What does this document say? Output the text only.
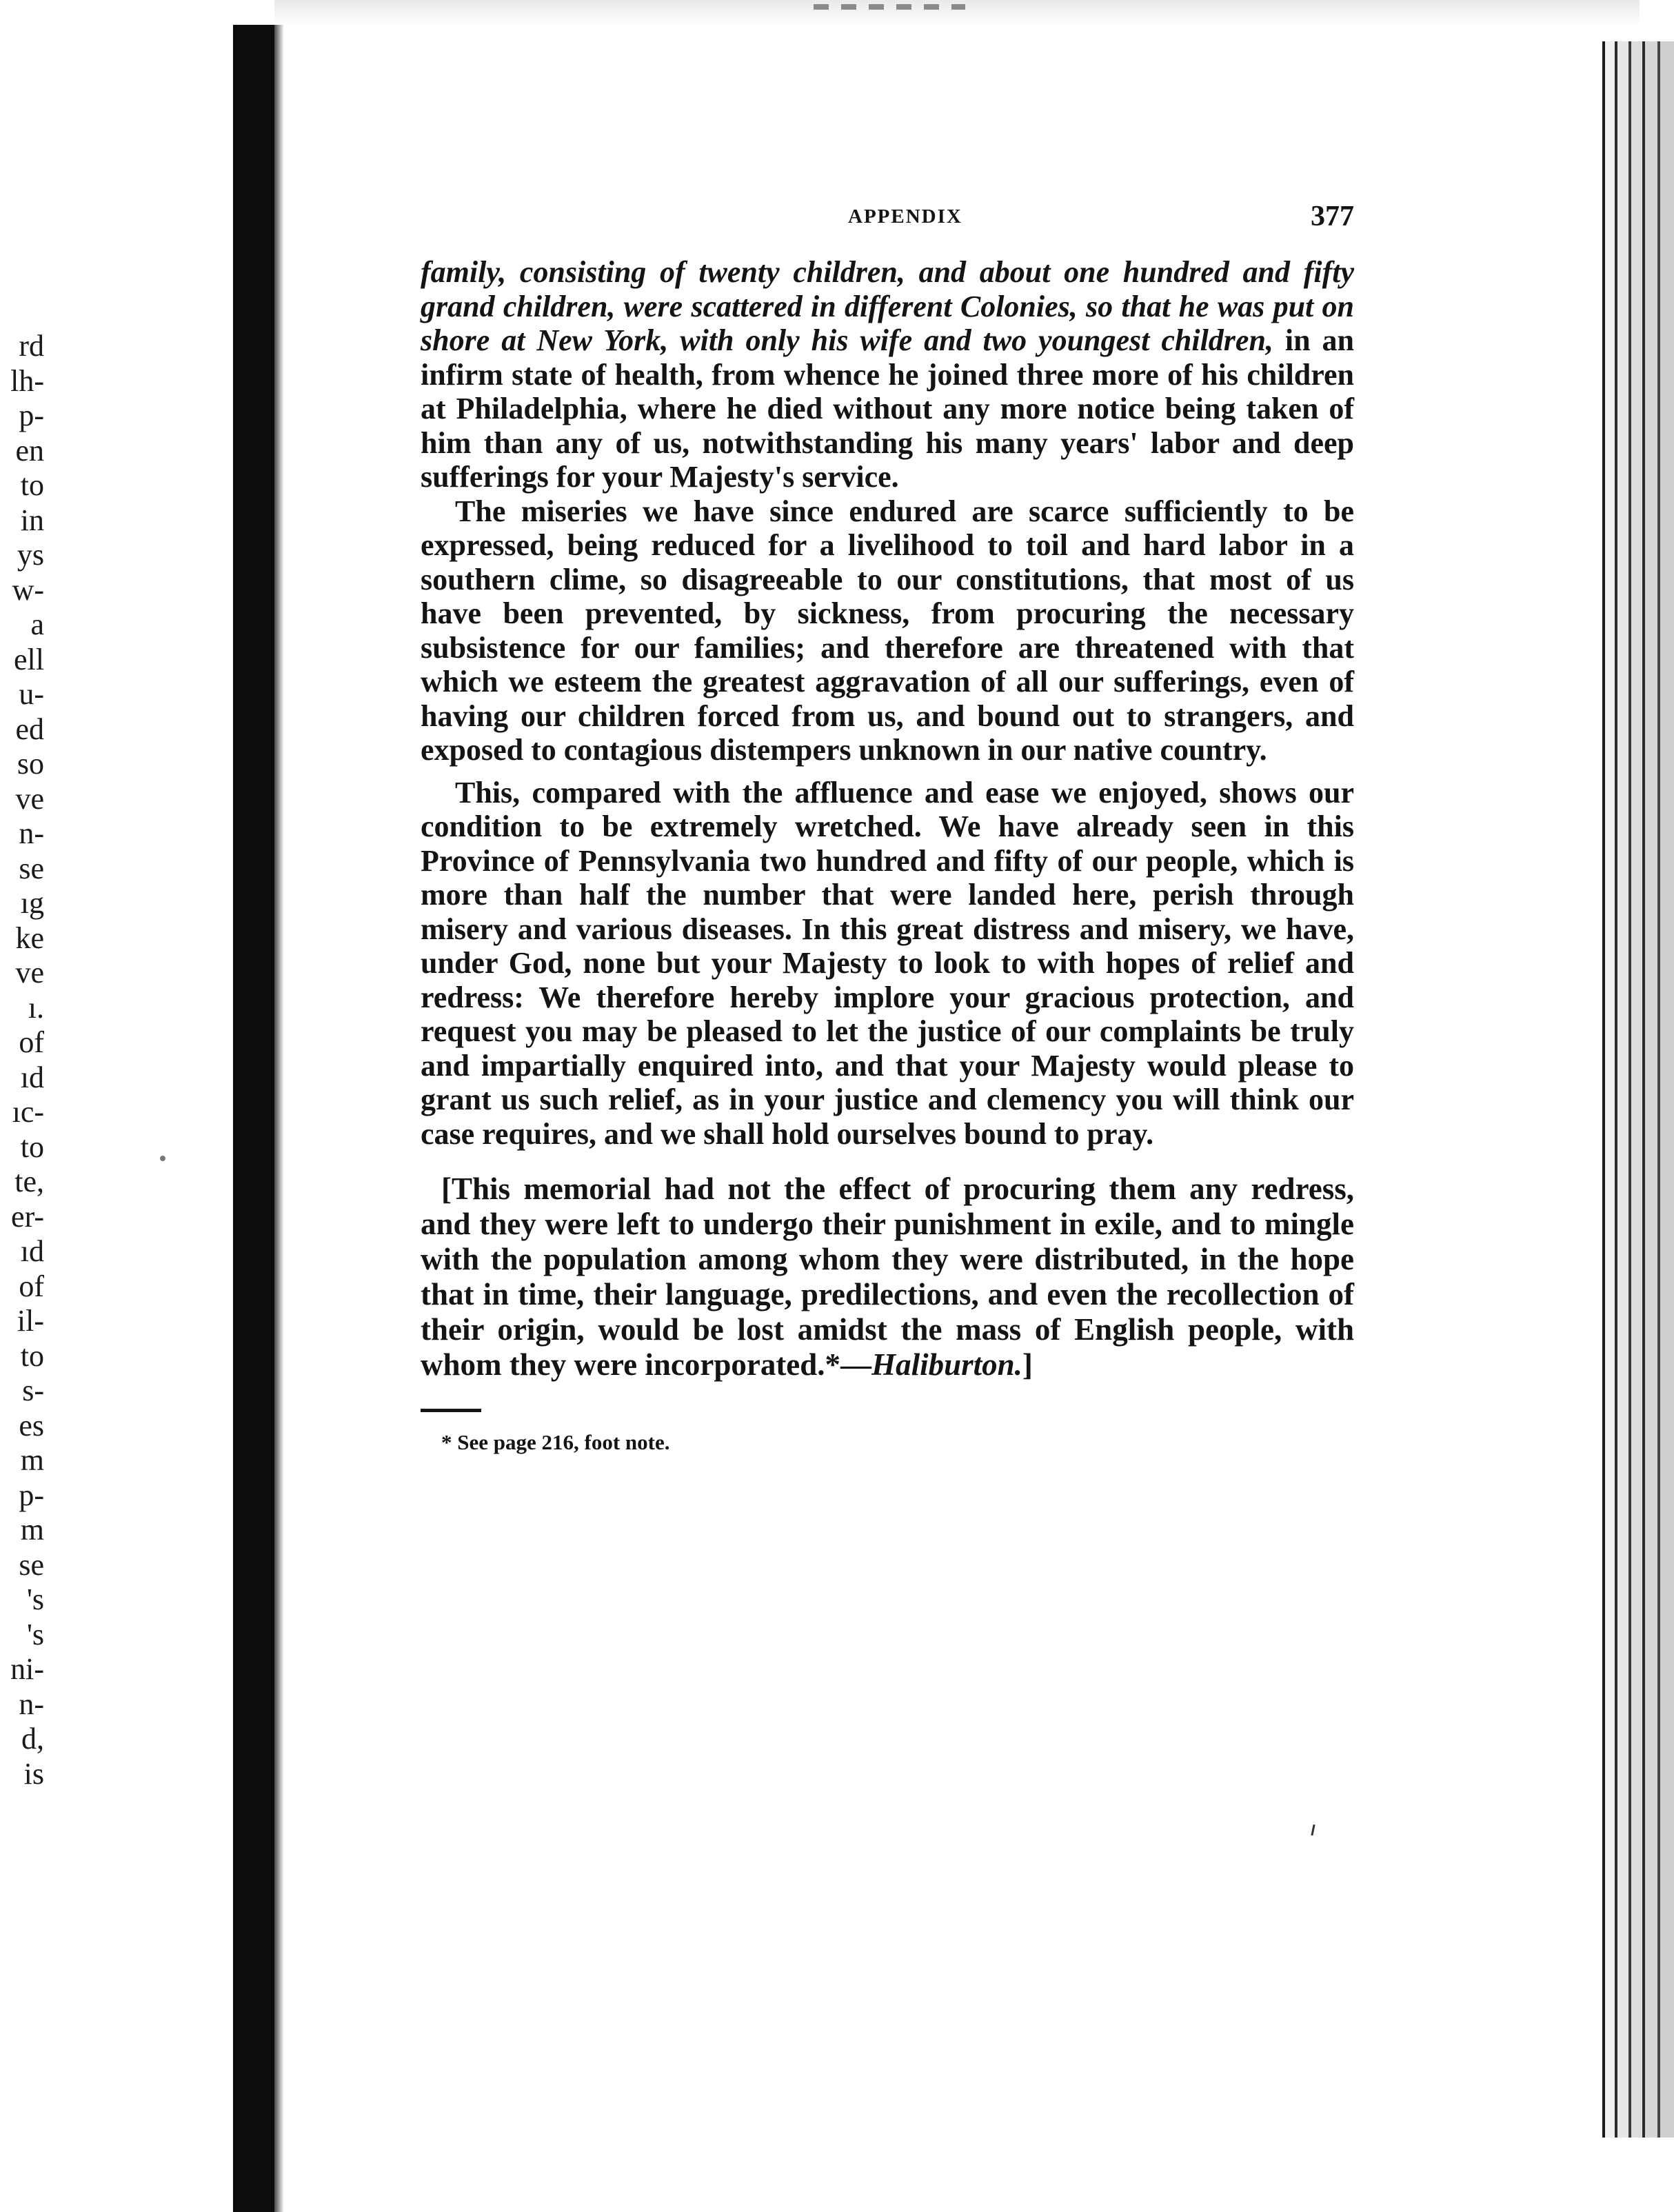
rd
lh-
p-
en
to
in
ys
w-
a
ell
u-
ed
so
ve
n-
se
ıg
ke
ve
ı.
of
ıd
ıc-
to
te,
er-
ıd
of
il-
to
s-
es
m
p-
m
se
's
's
ni-
n-
d,
is
APPENDIX	377

family, consisting of twenty children, and about one hundred and fifty grand children, were scattered in different Colonies, so that he was put on shore at New York, with only his wife and two youngest children, in an infirm state of health, from whence he joined three more of his children at Philadelphia, where he died without any more notice being taken of him than any of us, notwithstanding his many years' labor and deep sufferings for your Majesty's service.

The miseries we have since endured are scarce sufficiently to be expressed, being reduced for a livelihood to toil and hard labor in a southern clime, so disagreeable to our constitutions, that most of us have been prevented, by sickness, from procuring the necessary subsistence for our families; and therefore are threatened with that which we esteem the greatest aggravation of all our sufferings, even of having our children forced from us, and bound out to strangers, and exposed to contagious distempers unknown in our native country.

This, compared with the affluence and ease we enjoyed, shows our condition to be extremely wretched. We have already seen in this Province of Pennsylvania two hundred and fifty of our people, which is more than half the number that were landed here, perish through misery and various diseases. In this great distress and misery, we have, under God, none but your Majesty to look to with hopes of relief and redress: We therefore hereby implore your gracious protection, and request you may be pleased to let the justice of our complaints be truly and impartially enquired into, and that your Majesty would please to grant us such relief, as in your justice and clemency you will think our case requires, and we shall hold ourselves bound to pray.

[This memorial had not the effect of procuring them any redress, and they were left to undergo their punishment in exile, and to mingle with the population among whom they were distributed, in the hope that in time, their language, predilections, and even the recollection of their origin, would be lost amidst the mass of English people, with whom they were incorporated.*—Haliburton.]

* See page 216, foot note.
